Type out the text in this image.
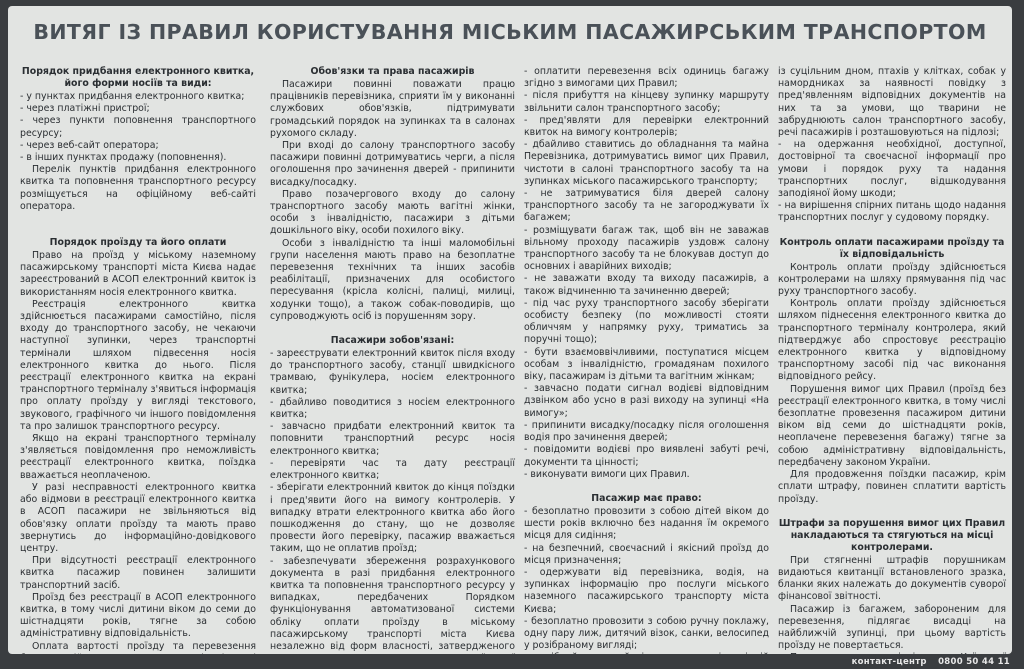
ВИТЯГ ІЗ ПРАВИЛ КОРИСТУВАННЯ МІСЬКИМ ПАСАЖИРСЬКИМ ТРАНСПОРТОМ
Порядок придбання електронного квитка, його форми носіїв та види:

- у пунктах придбання електронного квитка;

- через платіжні пристрої;

- через пункти поповнення транспортного ресурсу;

- через веб-сайт оператора;

- в інших пунктах продажу (поповнення).

Перелік пунктів придбання електронного квитка та поповнення транспортного ресурсу розміщується на офіційному веб-сайті оператора.

Порядок проїзду та його оплати

Право на проїзд у міському наземному пасажирському транспорті міста Києва надає зареєстрований в АСОП електронний квиток із використанням носія електронного квитка.

Реєстрація електронного квитка здійснюється пасажирами самостійно, після входу до транспортного засобу, не чекаючи наступної зупинки, через транспортні термінали шляхом підвесення носія електронного квитка до нього. Після реєстрації електронного квитка на екрані транспортного терміналу з'явиться інформація про оплату проїзду у вигляді текстового, звукового, графічного чи іншого повідомлення та про залишок транспортного ресурсу.

Якщо на екрані транспортного терміналу з'являється повідомлення про неможливість реєстрації електронного квитка, поїздка вважається неоплаченою.

У разі несправності електронного квитка або відмови в реєстрації електронного квитка в АСОП пасажири не звільняються від обов'язку оплати проїзду та мають право звернутись до інформаційно-довідкового центру.

При відсутності реєстрації електронного квитка пасажир повинен залишити транспортний засіб.

Проїзд без реєстрації в АСОП електронного квитка, в тому числі дитини віком до семи до шістнадцяти років, тягне за собою адміністративну відповідальність.

Оплата вартості проїзду та перевезення

Обов'язки та права пасажирів

Пасажири повинні поважати працю працівників перевізника, сприяти їм у виконанні службових обов'язків, підтримувати громадський порядок на зупинках та в салонах рухомого складу.

При вході до салону транспортного засобу пасажири повинні дотримуватись черги, а після оголошення про зачинення дверей - припинити висадку/посадку.

Право позачергового входу до салону транспортного засобу мають вагітні жінки, особи з інвалідністю, пасажири з дітьми дошкільного віку, особи похилого віку.

Особи з інвалідністю та інші маломобільні групи населення мають право на безоплатне перевезення технічних та інших засобів реабілітації, призначених для особистого пересування (крісла колісні, палиці, милиці, ходунки тощо), а також собак-поводирів, що супроводжують осіб із порушенням зору.

Пасажири зобов'язані:

- зареєструвати електронний квиток після входу до транспортного засобу, станції швидкісного трамваю, фунікулера, носієм електронного квитка;

- дбайливо поводитися з носієм електронного квитка;

- завчасно придбати електронний квиток та поповнити транспортний ресурс носія електронного квитка;

- перевіряти час та дату реєстрації електронного квитка;

- зберігати електронний квиток до кінця поїздки і пред'явити його на вимогу контролерів. У випадку втрати електронного квитка або його пошкодження до стану, що не дозволяє провести його перевірку, пасажир вважається таким, що не оплатив проїзд;

- забезпечувати збереження розрахункового документа в разі придбання електронного квитка та поповнення транспортного ресурсу у випадках, передбачених Порядком функціонування автоматизованої системи обліку оплати проїзду в міському пасажирському транспорті міста Києва незалежно від форм власності, затвердженого

- оплатити перевезення всіх одиниць багажу згідно з вимогами цих Правил;

- після прибуття на кінцеву зупинку маршруту звільнити салон транспортного засобу;

- пред'являти для перевірки електронний квиток на вимогу контролерів;

- дбайливо ставитись до обладнання та майна Перевізника, дотримуватись вимог цих Правил, чистоти в салоні транспортного засобу та на зупинках міського пасажирського транспорту;

- не затримуватися біля дверей салону транспортного засобу та не загороджувати їх багажем;

- розміщувати багаж так, щоб він не заважав вільному проходу пасажирів уздовж салону транспортного засобу та не блокував доступ до основних і аварійних виходів;

- не заважати входу та виходу пасажирів, а також відчиненню та зачиненню дверей;

- під час руху транспортного засобу зберігати особисту безпеку (по можливості стояти обличчям у напрямку руху, триматись за поручні тощо);

- бути взаємоввічливими, поступатися місцем особам з інвалідністю, громадянам похилого віку, пасажирам із дітьми та вагітним жінкам;

- завчасно подати сигнал водієві відповідним дзвінком або усно в разі виходу на зупинці «На вимогу»;

- припинити висадку/посадку після оголошення водія про зачинення дверей;

- повідомити водієві про виявлені забуті речі, документи та цінності;

- виконувати вимоги цих Правил.

Пасажир має право:

- безоплатно провозити з собою дітей віком до шести років включно без надання їм окремого місця для сидіння;

- на безпечний, своєчасний і якісний проїзд до місця призначення;

- одержувати від перевізника, водія, на зупинках інформацію про послуги міського наземного пасажирського транспорту міста Києва;

- безоплатно провозити з собою ручну поклажу, одну пару лиж, дитячий візок, санки, велосипед у розібраному вигляді;

із суцільним дном, птахів у клітках, собак у намордниках за наявності повідку з пред'явленням відповідних документів на них та за умови, що тварини не забруднюють салон транспортного засобу, речі пасажирів і розташовуються на підлозі;

- на одержання необхідної, доступної, достовірної та своєчасної інформації про умови і порядок руху та надання транспортних послуг, відшкодування заподіяної йому шкоди;

- на вирішення спірних питань щодо надання транспортних послуг у судовому порядку.

Контроль оплати пасажирами проїзду та їх відповідальність

Контроль оплати проїзду здійснюється контролерами на шляху прямування під час руху транспортного засобу.

Контроль оплати проїзду здійснюється шляхом піднесення електронного квитка до транспортного терміналу контролера, який підтверджує або спростовує реєстрацію електронного квитка у відповідному транспортному засобі під час виконання відповідного рейсу.

Порушення вимог цих Правил (проїзд без реєстрації електронного квитка, в тому числі безоплатне провезення пасажиром дитини віком від семи до шістнадцяти років, неоплачене перевезення багажу) тягне за собою адміністративну відповідальність, передбачену законом України.

Для продовження поїздки пасажир, крім сплати штрафу, повинен сплатити вартість проїзду.

Штрафи за порушення вимог цих Правил накладаються та стягуються на місці контролерами.

При стягненні штрафів порушникам видаються квитанції встановленого зразка, бланки яких належать до документів суворої фінансової звітності.

Пасажир із багажем, забороненим для перевезення, підлягає висадці на найближчій зупинці, при цьому вартість проїзду не повертається.

контакт-центр 0800 50 44 11
